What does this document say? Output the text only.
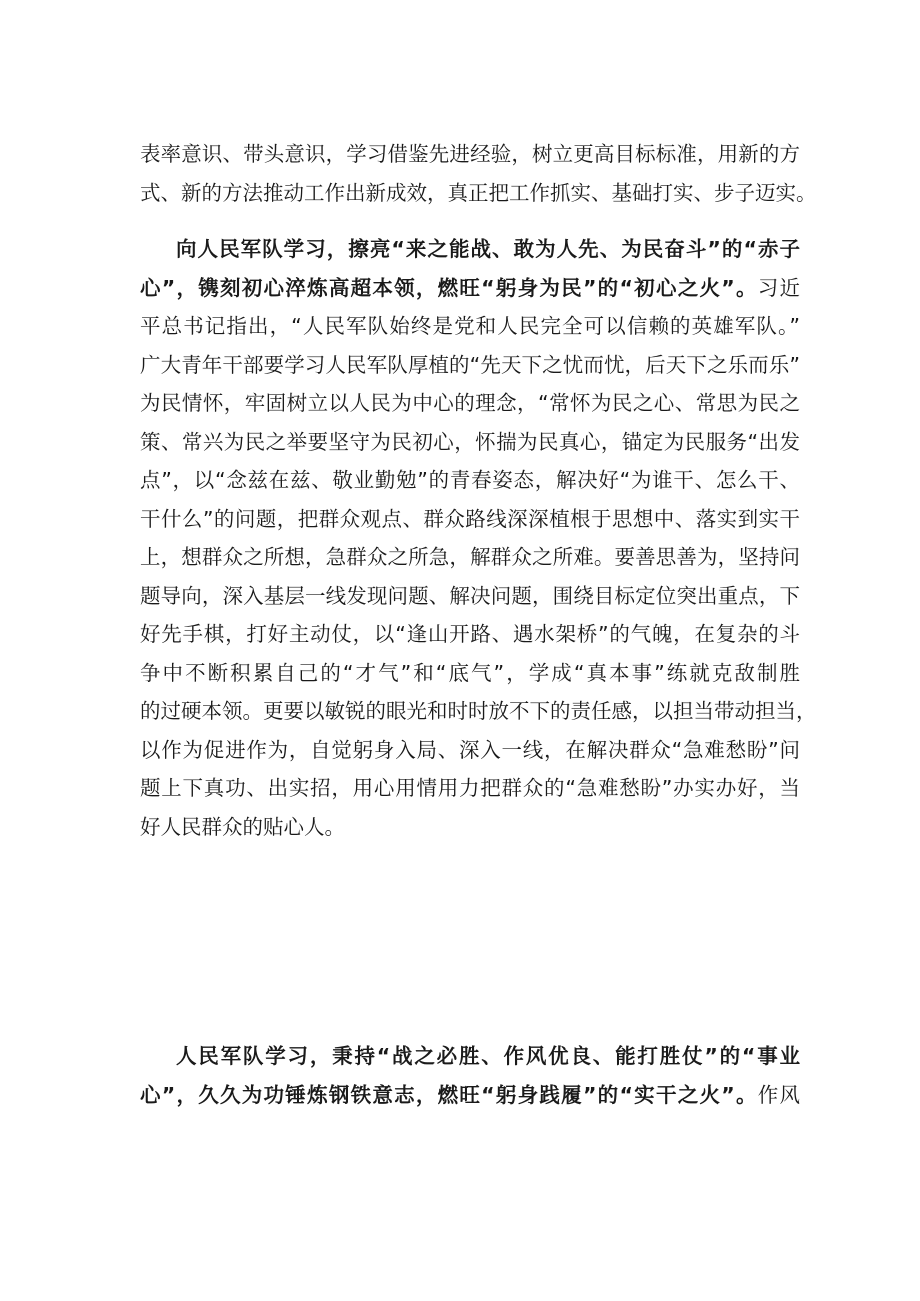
表率意识、带头意识，学习借鉴先进经验，树立更高目标标准，用新的方
式、新的方法推动工作出新成效，真正把工作抓实、基础打实、步子迈实。
向人民军队学习，擦亮“来之能战、敢为人先、为民奋斗”的“赤子
心”，镌刻初心淬炼高超本领，燃旺“躬身为民”的“初心之火”。习近
平总书记指出，“人民军队始终是党和人民完全可以信赖的英雄军队。”
广大青年干部要学习人民军队厚植的“先天下之忧而忧，后天下之乐而乐”
为民情怀，牢固树立以人民为中心的理念，“常怀为民之心、常思为民之
策、常兴为民之举要坚守为民初心，怀揣为民真心，锚定为民服务“出发
点”，以“念兹在兹、敬业勤勉”的青春姿态，解决好“为谁干、怎么干、
干什么”的问题，把群众观点、群众路线深深植根于思想中、落实到实干
上，想群众之所想，急群众之所急，解群众之所难。要善思善为，坚持问
题导向，深入基层一线发现问题、解决问题，围绕目标定位突出重点，下
好先手棋，打好主动仗，以“逢山开路、遇水架桥”的气魄，在复杂的斗
争中不断积累自己的“才气”和“底气”，学成“真本事”练就克敌制胜
的过硬本领。更要以敏锐的眼光和时时放不下的责任感，以担当带动担当，
以作为促进作为，自觉躬身入局、深入一线，在解决群众“急难愁盼”问
题上下真功、出实招，用心用情用力把群众的“急难愁盼”办实办好，当
好人民群众的贴心人。
人民军队学习，秉持“战之必胜、作风优良、能打胜仗”的“事业
心”，久久为功锤炼钢铁意志，燃旺“躬身践履”的“实干之火”。作风
